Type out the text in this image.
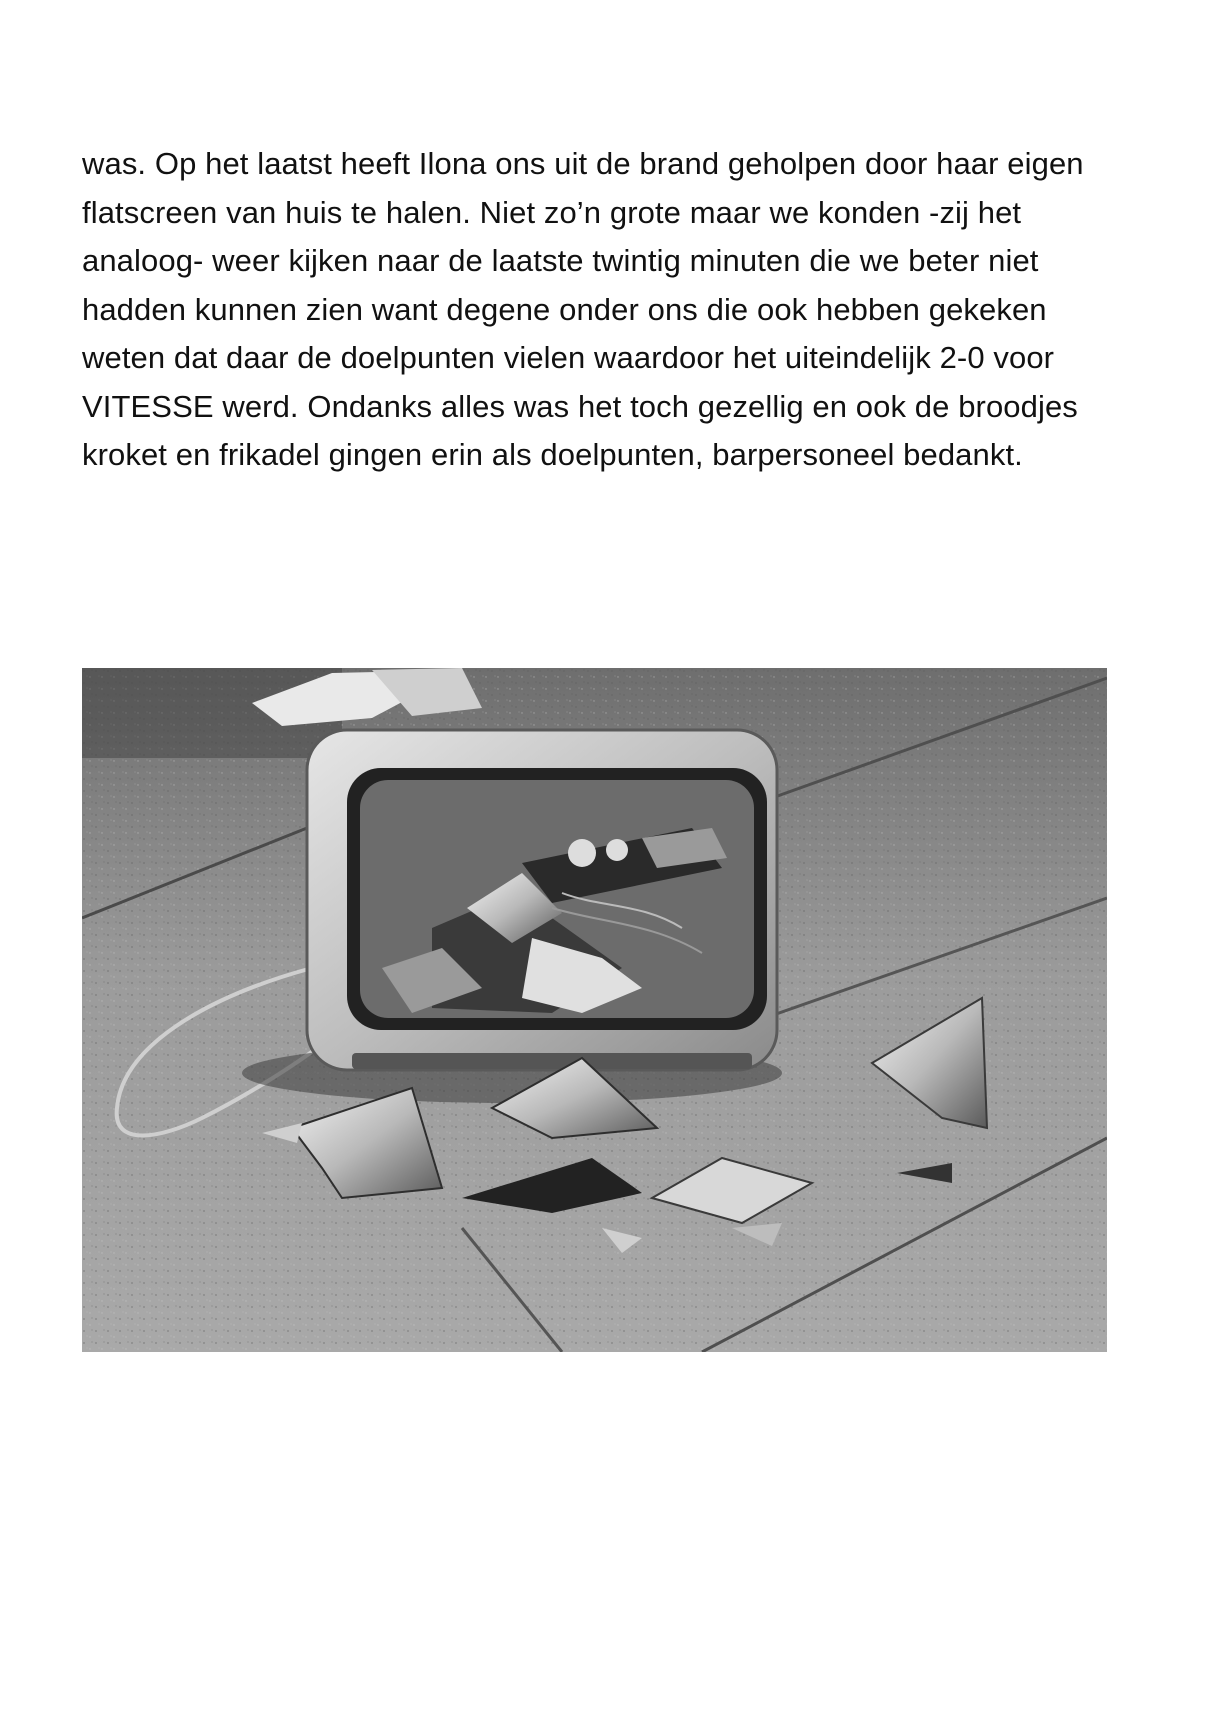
was. Op het laatst heeft Ilona ons uit de brand geholpen door haar eigen
flatscreen van huis te halen. Niet zo’n grote maar we konden -zij het
analoog- weer kijken naar de laatste twintig minuten die we beter niet
hadden kunnen zien want degene onder ons die ook hebben gekeken
weten dat daar de doelpunten vielen waardoor het uiteindelijk 2-0 voor
VITESSE werd. Ondanks alles was het toch gezellig en ook de broodjes
kroket en frikadel gingen erin als doelpunten, barpersoneel bedankt.
